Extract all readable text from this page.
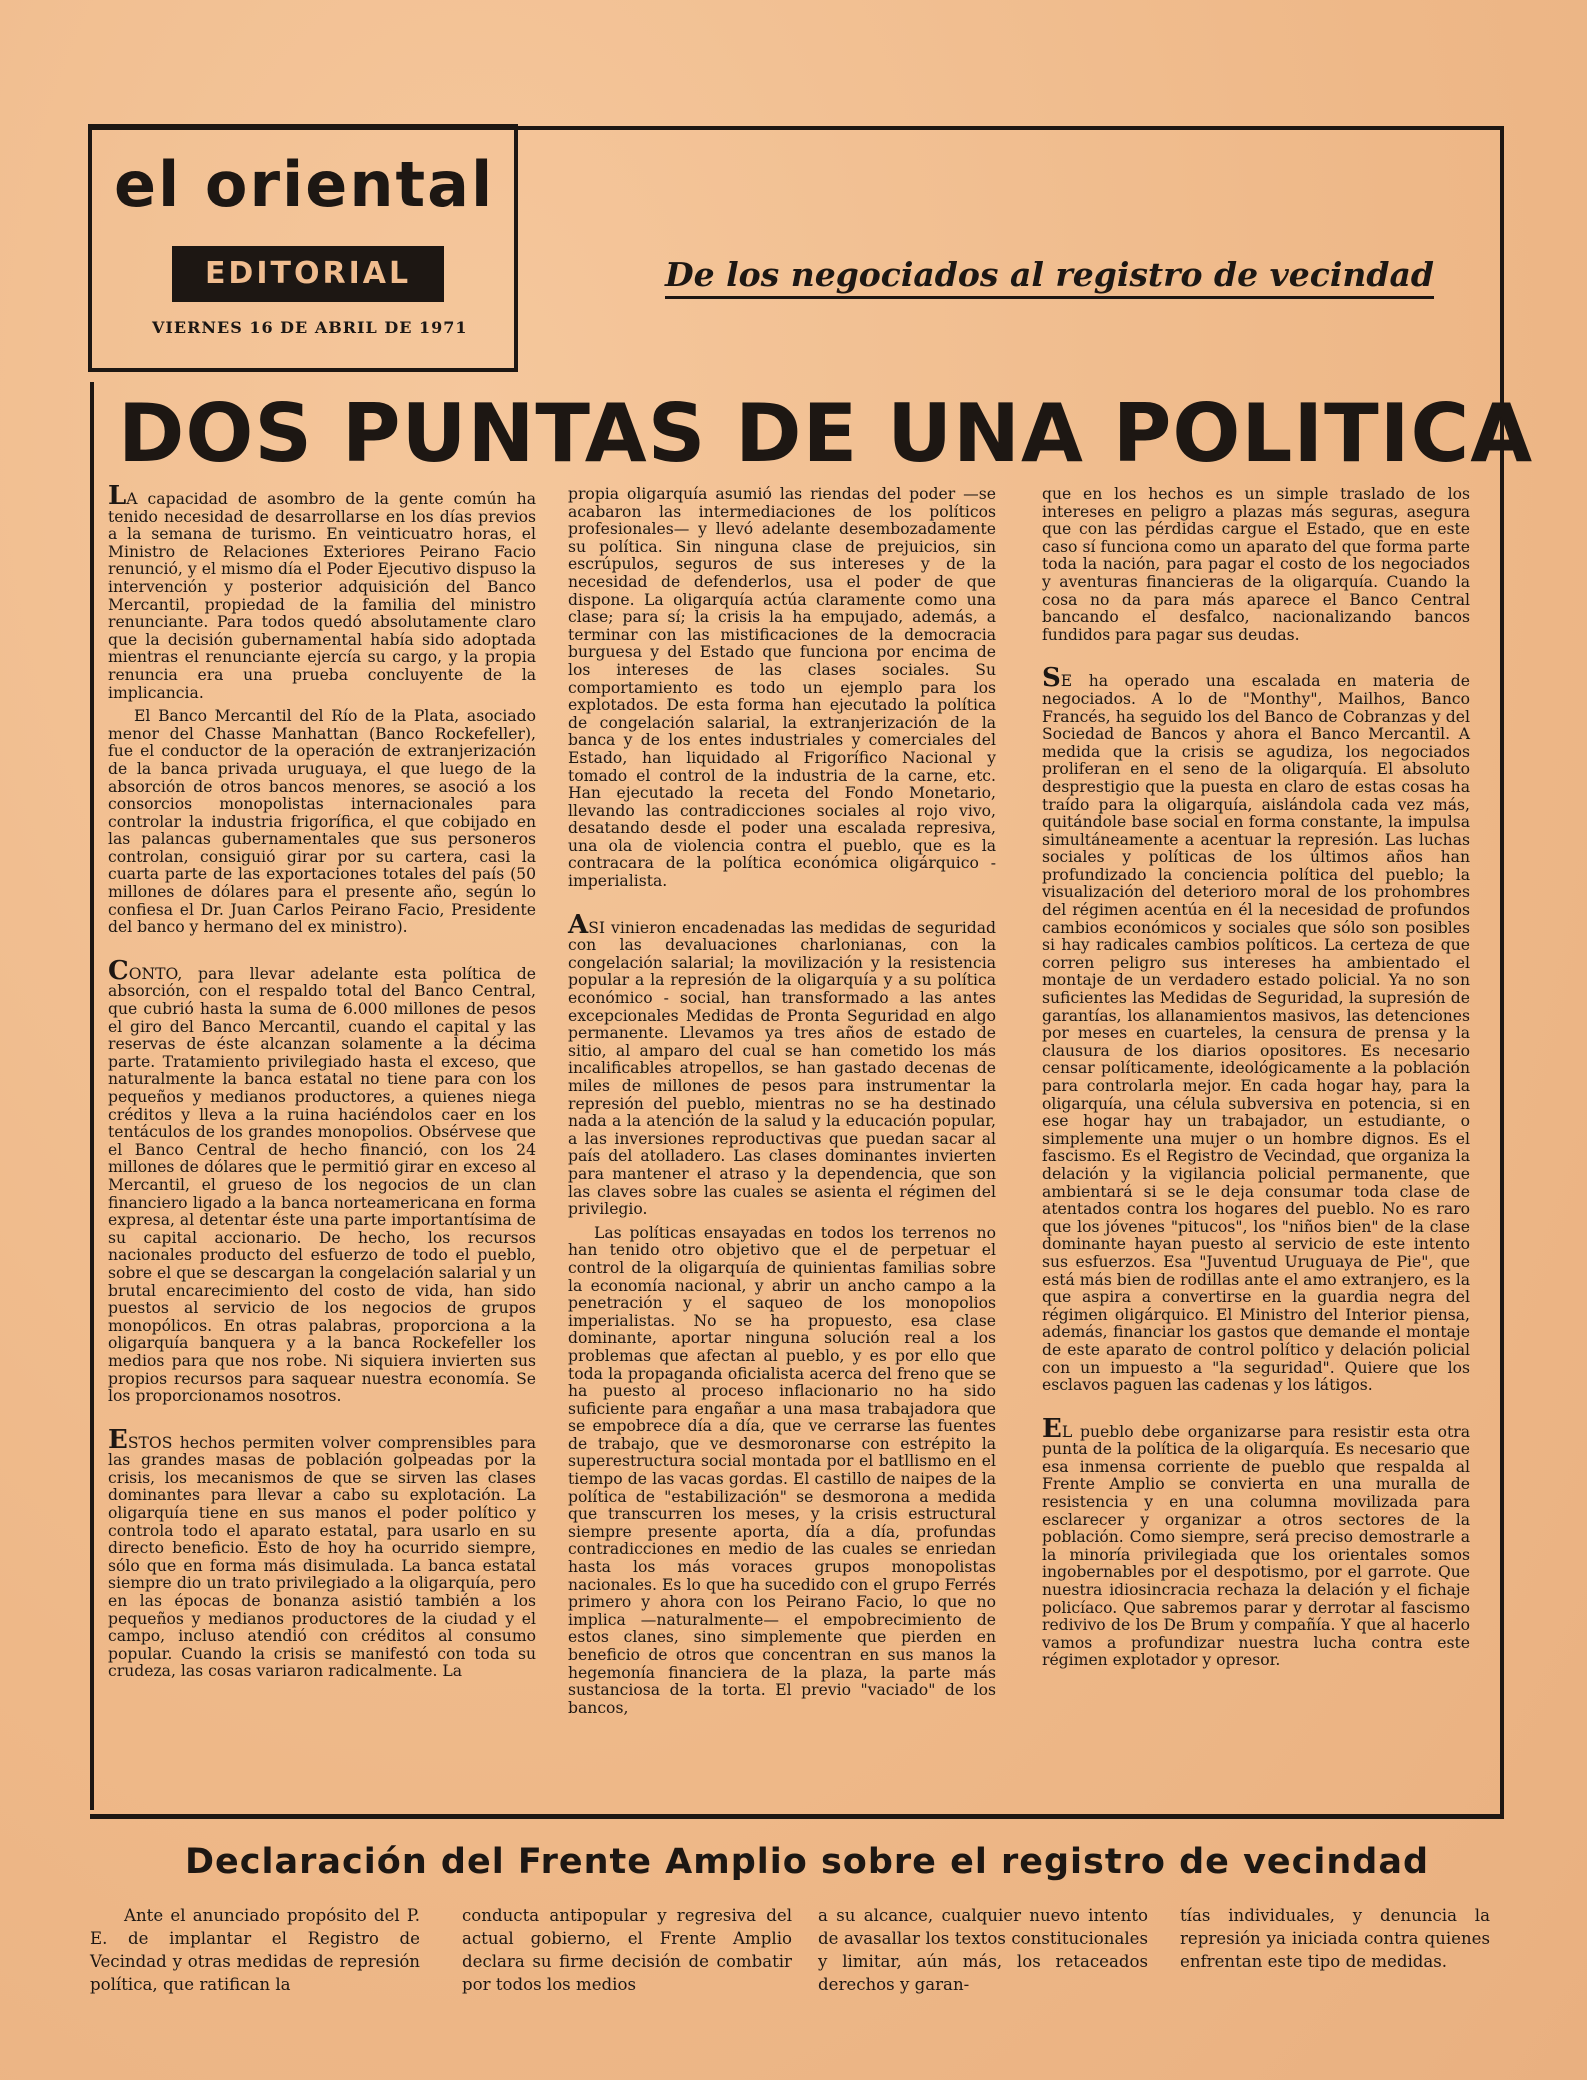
el oriental
EDITORIAL
VIERNES 16 DE ABRIL DE 1971
De los negociados al registro de vecindad
DOS PUNTAS DE UNA POLITICA

LA capacidad de asombro de la gente común ha tenido necesidad de desarrollarse en los días previos a la semana de turismo. En veinticuatro horas, el Ministro de Relaciones Exteriores Peirano Facio renunció, y el mismo día el Poder Ejecutivo dispuso la intervención y posterior adquisición del Banco Mercantil, propiedad de la familia del ministro renunciante. Para todos quedó absolutamente claro que la decisión gubernamental había sido adoptada mientras el renunciante ejercía su cargo, y la propia renuncia era una prueba concluyente de la implicancia.

El Banco Mercantil del Río de la Plata, asociado menor del Chasse Manhattan (Banco Rockefeller), fue el conductor de la operación de extranjerización de la banca privada uruguaya, el que luego de la absorción de otros bancos menores, se asoció a los consorcios monopolistas internacionales para controlar la industria frigorífica, el que cobijado en las palancas gubernamentales que sus personeros controlan, consiguió girar por su cartera, casi la cuarta parte de las exportaciones totales del país (50 millones de dólares para el presente año, según lo confiesa el Dr. Juan Carlos Peirano Facio, Presidente del banco y hermano del ex ministro).

CONTO, para llevar adelante esta política de absorción, con el respaldo total del Banco Central, que cubrió hasta la suma de 6.000 millones de pesos el giro del Banco Mercantil, cuando el capital y las reservas de éste alcanzan solamente a la décima parte. Tratamiento privilegiado hasta el exceso, que naturalmente la banca estatal no tiene para con los pequeños y medianos productores, a quienes niega créditos y lleva a la ruina haciéndolos caer en los tentáculos de los grandes monopolios. Obsérvese que el Banco Central de hecho financió, con los 24 millones de dólares que le permitió girar en exceso al Mercantil, el grueso de los negocios de un clan financiero ligado a la banca norteamericana en forma expresa, al detentar éste una parte importantísima de su capital accionario. De hecho, los recursos nacionales producto del esfuerzo de todo el pueblo, sobre el que se descargan la congelación salarial y un brutal encarecimiento del costo de vida, han sido puestos al servicio de los negocios de grupos monopólicos. En otras palabras, proporciona a la oligarquía banquera y a la banca Rockefeller los medios para que nos robe. Ni siquiera invierten sus propios recursos para saquear nuestra economía. Se los proporcionamos nosotros.

ESTOS hechos permiten volver comprensibles para las grandes masas de población golpeadas por la crisis, los mecanismos de que se sirven las clases dominantes para llevar a cabo su explotación. La oligarquía tiene en sus manos el poder político y controla todo el aparato estatal, para usarlo en su directo beneficio. Esto de hoy ha ocurrido siempre, sólo que en forma más disimulada. La banca estatal siempre dio un trato privilegiado a la oligarquía, pero en las épocas de bonanza asistió también a los pequeños y medianos productores de la ciudad y el campo, incluso atendió con créditos al consumo popular. Cuando la crisis se manifestó con toda su crudeza, las cosas variaron radicalmente. La

propia oligarquía asumió las riendas del poder —se acabaron las intermediaciones de los políticos profesionales— y llevó adelante desembozadamente su política. Sin ninguna clase de prejuicios, sin escrúpulos, seguros de sus intereses y de la necesidad de defenderlos, usa el poder de que dispone. La oligarquía actúa claramente como una clase; para sí; la crisis la ha empujado, además, a terminar con las mistificaciones de la democracia burguesa y del Estado que funciona por encima de los intereses de las clases sociales. Su comportamiento es todo un ejemplo para los explotados. De esta forma han ejecutado la política de congelación salarial, la extranjerización de la banca y de los entes industriales y comerciales del Estado, han liquidado al Frigorífico Nacional y tomado el control de la industria de la carne, etc. Han ejecutado la receta del Fondo Monetario, llevando las contradicciones sociales al rojo vivo, desatando desde el poder una escalada represiva, una ola de violencia contra el pueblo, que es la contracara de la política económica oligárquico - imperialista.

ASI vinieron encadenadas las medidas de seguridad con las devaluaciones charlonianas, con la congelación salarial; la movilización y la resistencia popular a la represión de la oligarquía y a su política económico - social, han transformado a las antes excepcionales Medidas de Pronta Seguridad en algo permanente. Llevamos ya tres años de estado de sitio, al amparo del cual se han cometido los más incalificables atropellos, se han gastado decenas de miles de millones de pesos para instrumentar la represión del pueblo, mientras no se ha destinado nada a la atención de la salud y la educación popular, a las inversiones reproductivas que puedan sacar al país del atolladero. Las clases dominantes invierten para mantener el atraso y la dependencia, que son las claves sobre las cuales se asienta el régimen del privilegio.

Las políticas ensayadas en todos los terrenos no han tenido otro objetivo que el de perpetuar el control de la oligarquía de quinientas familias sobre la economía nacional, y abrir un ancho campo a la penetración y el saqueo de los monopolios imperialistas. No se ha propuesto, esa clase dominante, aportar ninguna solución real a los problemas que afectan al pueblo, y es por ello que toda la propaganda oficialista acerca del freno que se ha puesto al proceso inflacionario no ha sido suficiente para engañar a una masa trabajadora que se empobrece día a día, que ve cerrarse las fuentes de trabajo, que ve desmoronarse con estrépito la superestructura social montada por el batllismo en el tiempo de las vacas gordas. El castillo de naipes de la política de "estabilización" se desmorona a medida que transcurren los meses, y la crisis estructural siempre presente aporta, día a día, profundas contradicciones en medio de las cuales se enriedan hasta los más voraces grupos monopolistas nacionales. Es lo que ha sucedido con el grupo Ferrés primero y ahora con los Peirano Facio, lo que no implica —naturalmente— el empobrecimiento de estos clanes, sino simplemente que pierden en beneficio de otros que concentran en sus manos la hegemonía financiera de la plaza, la parte más sustanciosa de la torta. El previo "vaciado" de los bancos,

que en los hechos es un simple traslado de los intereses en peligro a plazas más seguras, asegura que con las pérdidas cargue el Estado, que en este caso sí funciona como un aparato del que forma parte toda la nación, para pagar el costo de los negociados y aventuras financieras de la oligarquía. Cuando la cosa no da para más aparece el Banco Central bancando el desfalco, nacionalizando bancos fundidos para pagar sus deudas.

SE ha operado una escalada en materia de negociados. A lo de "Monthy", Mailhos, Banco Francés, ha seguido los del Banco de Cobranzas y del Sociedad de Bancos y ahora el Banco Mercantil. A medida que la crisis se agudiza, los negociados proliferan en el seno de la oligarquía. El absoluto desprestigio que la puesta en claro de estas cosas ha traído para la oligarquía, aislándola cada vez más, quitándole base social en forma constante, la impulsa simultáneamente a acentuar la represión. Las luchas sociales y políticas de los últimos años han profundizado la conciencia política del pueblo; la visualización del deterioro moral de los prohombres del régimen acentúa en él la necesidad de profundos cambios económicos y sociales que sólo son posibles si hay radicales cambios políticos. La certeza de que corren peligro sus intereses ha ambientado el montaje de un verdadero estado policial. Ya no son suficientes las Medidas de Seguridad, la supresión de garantías, los allanamientos masivos, las detenciones por meses en cuarteles, la censura de prensa y la clausura de los diarios opositores. Es necesario censar políticamente, ideológicamente a la población para controlarla mejor. En cada hogar hay, para la oligarquía, una célula subversiva en potencia, si en ese hogar hay un trabajador, un estudiante, o simplemente una mujer o un hombre dignos. Es el fascismo. Es el Registro de Vecindad, que organiza la delación y la vigilancia policial permanente, que ambientará si se le deja consumar toda clase de atentados contra los hogares del pueblo. No es raro que los jóvenes "pitucos", los "niños bien" de la clase dominante hayan puesto al servicio de este intento sus esfuerzos. Esa "Juventud Uruguaya de Pie", que está más bien de rodillas ante el amo extranjero, es la que aspira a convertirse en la guardia negra del régimen oligárquico. El Ministro del Interior piensa, además, financiar los gastos que demande el montaje de este aparato de control político y delación policial con un impuesto a "la seguridad". Quiere que los esclavos paguen las cadenas y los látigos.

EL pueblo debe organizarse para resistir esta otra punta de la política de la oligarquía. Es necesario que esa inmensa corriente de pueblo que respalda al Frente Amplio se convierta en una muralla de resistencia y en una columna movilizada para esclarecer y organizar a otros sectores de la población. Como siempre, será preciso demostrarle a la minoría privilegiada que los orientales somos ingobernables por el despotismo, por el garrote. Que nuestra idiosincracia rechaza la delación y el fichaje policíaco. Que sabremos parar y derrotar al fascismo redivivo de los De Brum y compañía. Y que al hacerlo vamos a profundizar nuestra lucha contra este régimen explotador y opresor.

Declaración del Frente Amplio sobre el registro de vecindad

Ante el anunciado propósito del P. E. de implantar el Registro de Vecindad y otras medidas de represión política, que ratifican la

conducta antipopular y regresiva del actual gobierno, el Frente Amplio declara su firme decisión de combatir por todos los medios

a su alcance, cualquier nuevo intento de avasallar los textos constitucionales y limitar, aún más, los retaceados derechos y garan-

tías individuales, y denuncia la represión ya iniciada contra quienes enfrentan este tipo de medidas.
